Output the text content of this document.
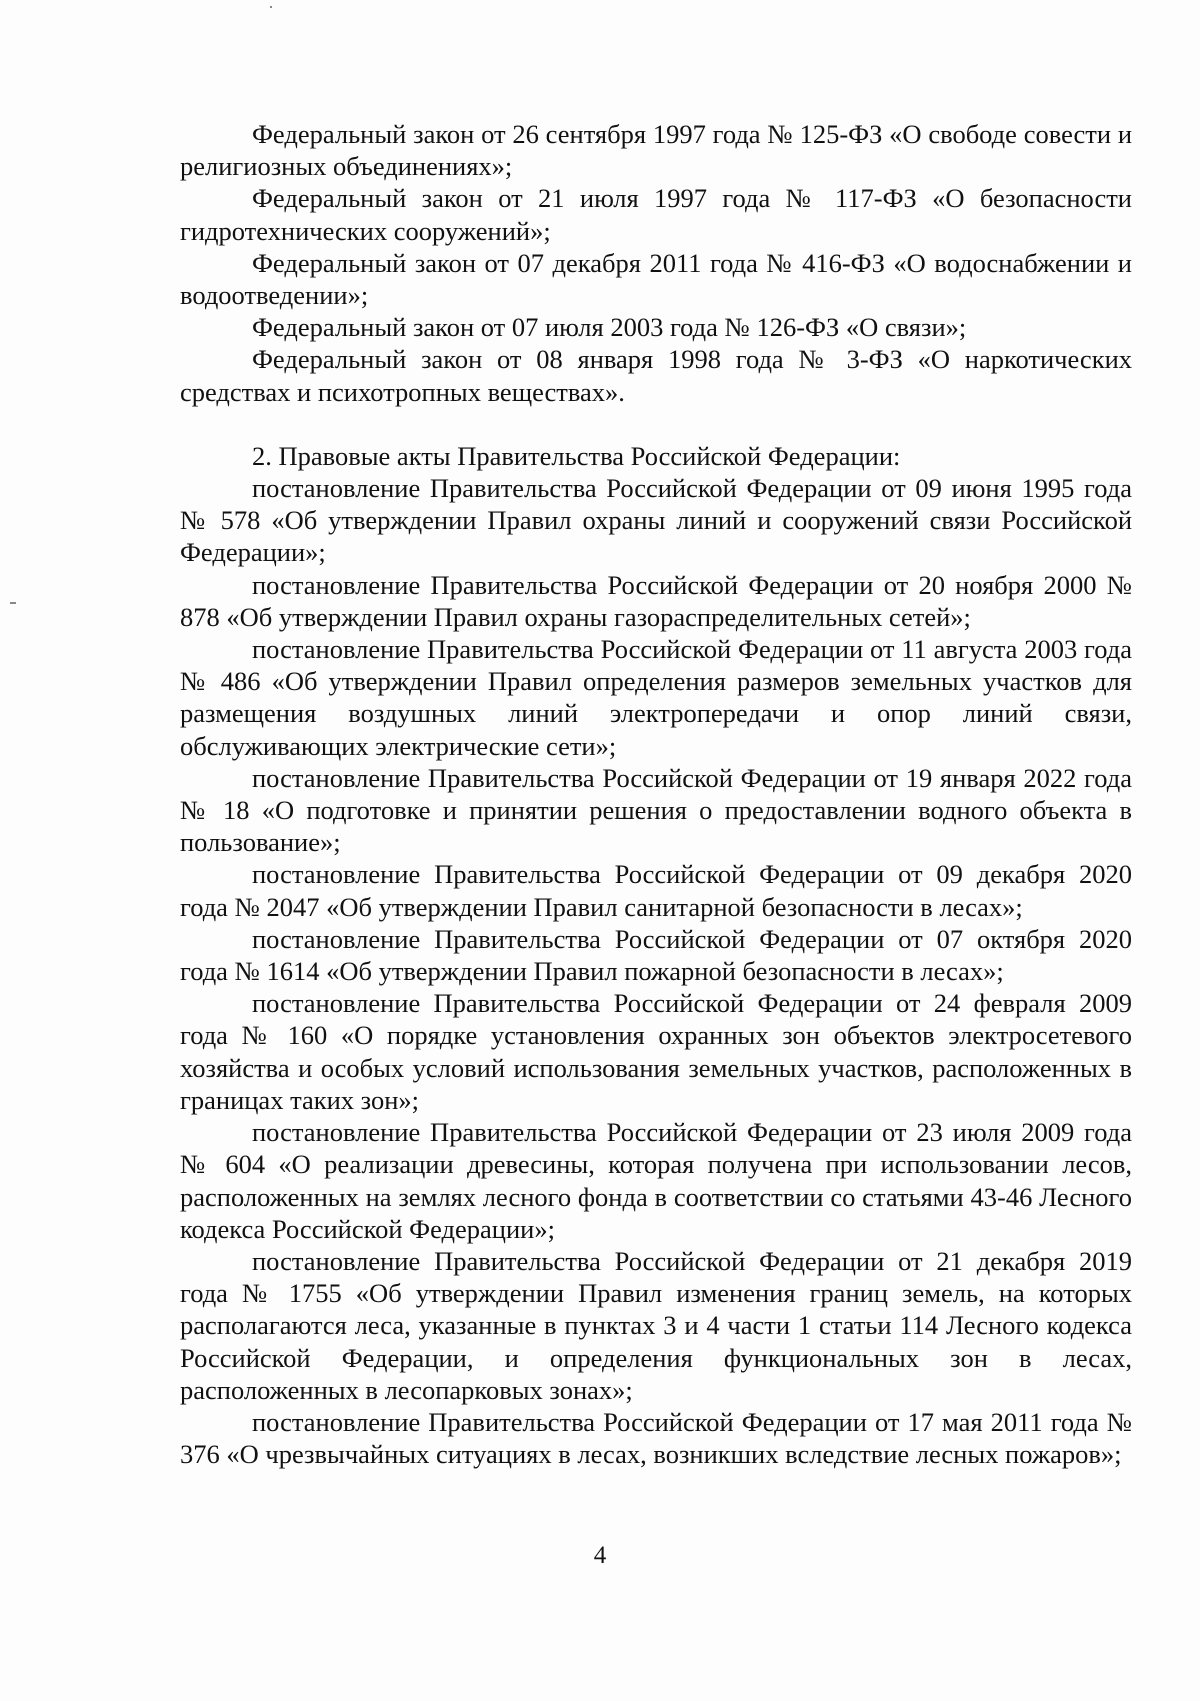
Федеральный закон от 26 сентября 1997 года № 125-ФЗ «О свободе совести и религиозных объединениях»;

Федеральный закон от 21 июля 1997 года № 117-ФЗ «О безопасности гидротехнических сооружений»;

Федеральный закон от 07 декабря 2011 года № 416-ФЗ «О водоснабжении и водоотведении»;

Федеральный закон от 07 июля 2003 года № 126-ФЗ «О связи»;

Федеральный закон от 08 января 1998 года № 3-ФЗ «О наркотических средствах и психотропных веществах».

2. Правовые акты Правительства Российской Федерации:

постановление Правительства Российской Федерации от 09 июня 1995 года № 578 «Об утверждении Правил охраны линий и сооружений связи Российской Федерации»;

постановление Правительства Российской Федерации от 20 ноября 2000 № 878 «Об утверждении Правил охраны газораспределительных сетей»;

постановление Правительства Российской Федерации от 11 августа 2003 года № 486 «Об утверждении Правил определения размеров земельных участков для размещения воздушных линий электропередачи и опор линий связи, обслуживающих электрические сети»;

постановление Правительства Российской Федерации от 19 января 2022 года № 18 «О подготовке и принятии решения о предоставлении водного объекта в пользование»;

постановление Правительства Российской Федерации от 09 декабря 2020 года № 2047 «Об утверждении Правил санитарной безопасности в лесах»;

постановление Правительства Российской Федерации от 07 октября 2020 года № 1614 «Об утверждении Правил пожарной безопасности в лесах»;

постановление Правительства Российской Федерации от 24 февраля 2009 года № 160 «О порядке установления охранных зон объектов электросетевого хозяйства и особых условий использования земельных участков, расположенных в границах таких зон»;

постановление Правительства Российской Федерации от 23 июля 2009 года № 604 «О реализации древесины, которая получена при использовании лесов, расположенных на землях лесного фонда в соответствии со статьями 43-46 Лесного кодекса Российской Федерации»;

постановление Правительства Российской Федерации от 21 декабря 2019 года № 1755 «Об утверждении Правил изменения границ земель, на которых располагаются леса, указанные в пунктах 3 и 4 части 1 статьи 114 Лесного кодекса Российской Федерации, и определения функциональных зон в лесах, расположенных в лесопарковых зонах»;

постановление Правительства Российской Федерации от 17 мая 2011 года № 376 «О чрезвычайных ситуациях в лесах, возникших вследствие лесных пожаров»;

4
